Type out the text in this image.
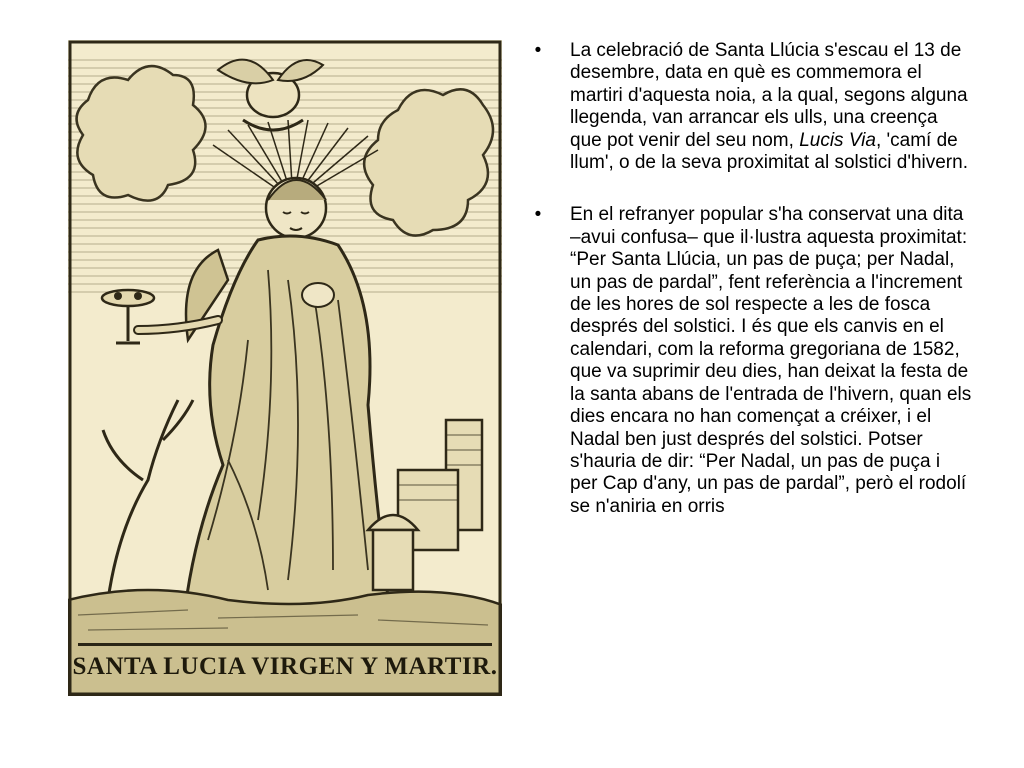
SANTA LUCIA VIRGEN Y MARTIR.
• La celebració de Santa Llúcia s'escau el 13 de desembre, data en què es commemora el martiri d'aquesta noia, a la qual, segons alguna llegenda, van arrancar els ulls, una creença que pot venir del seu nom, Lucis Via, 'camí de llum', o de la seva proximitat al solstici d'hivern.
• En el refranyer popular s'ha conservat una dita –avui confusa– que il·lustra aquesta proximitat: “Per Santa Llúcia, un pas de puça; per Nadal, un pas de pardal”, fent referència a l'increment de les hores de sol respecte a les de fosca després del solstici. I és que els canvis en el calendari, com la reforma gregoriana de 1582, que va suprimir deu dies, han deixat la festa de la santa abans de l'entrada de l'hivern, quan els dies encara no han començat a créixer, i el Nadal ben just després del solstici. Potser s'hauria de dir: “Per Nadal, un pas de puça i per Cap d'any, un pas de pardal”, però el rodolí se n'aniria en orris
